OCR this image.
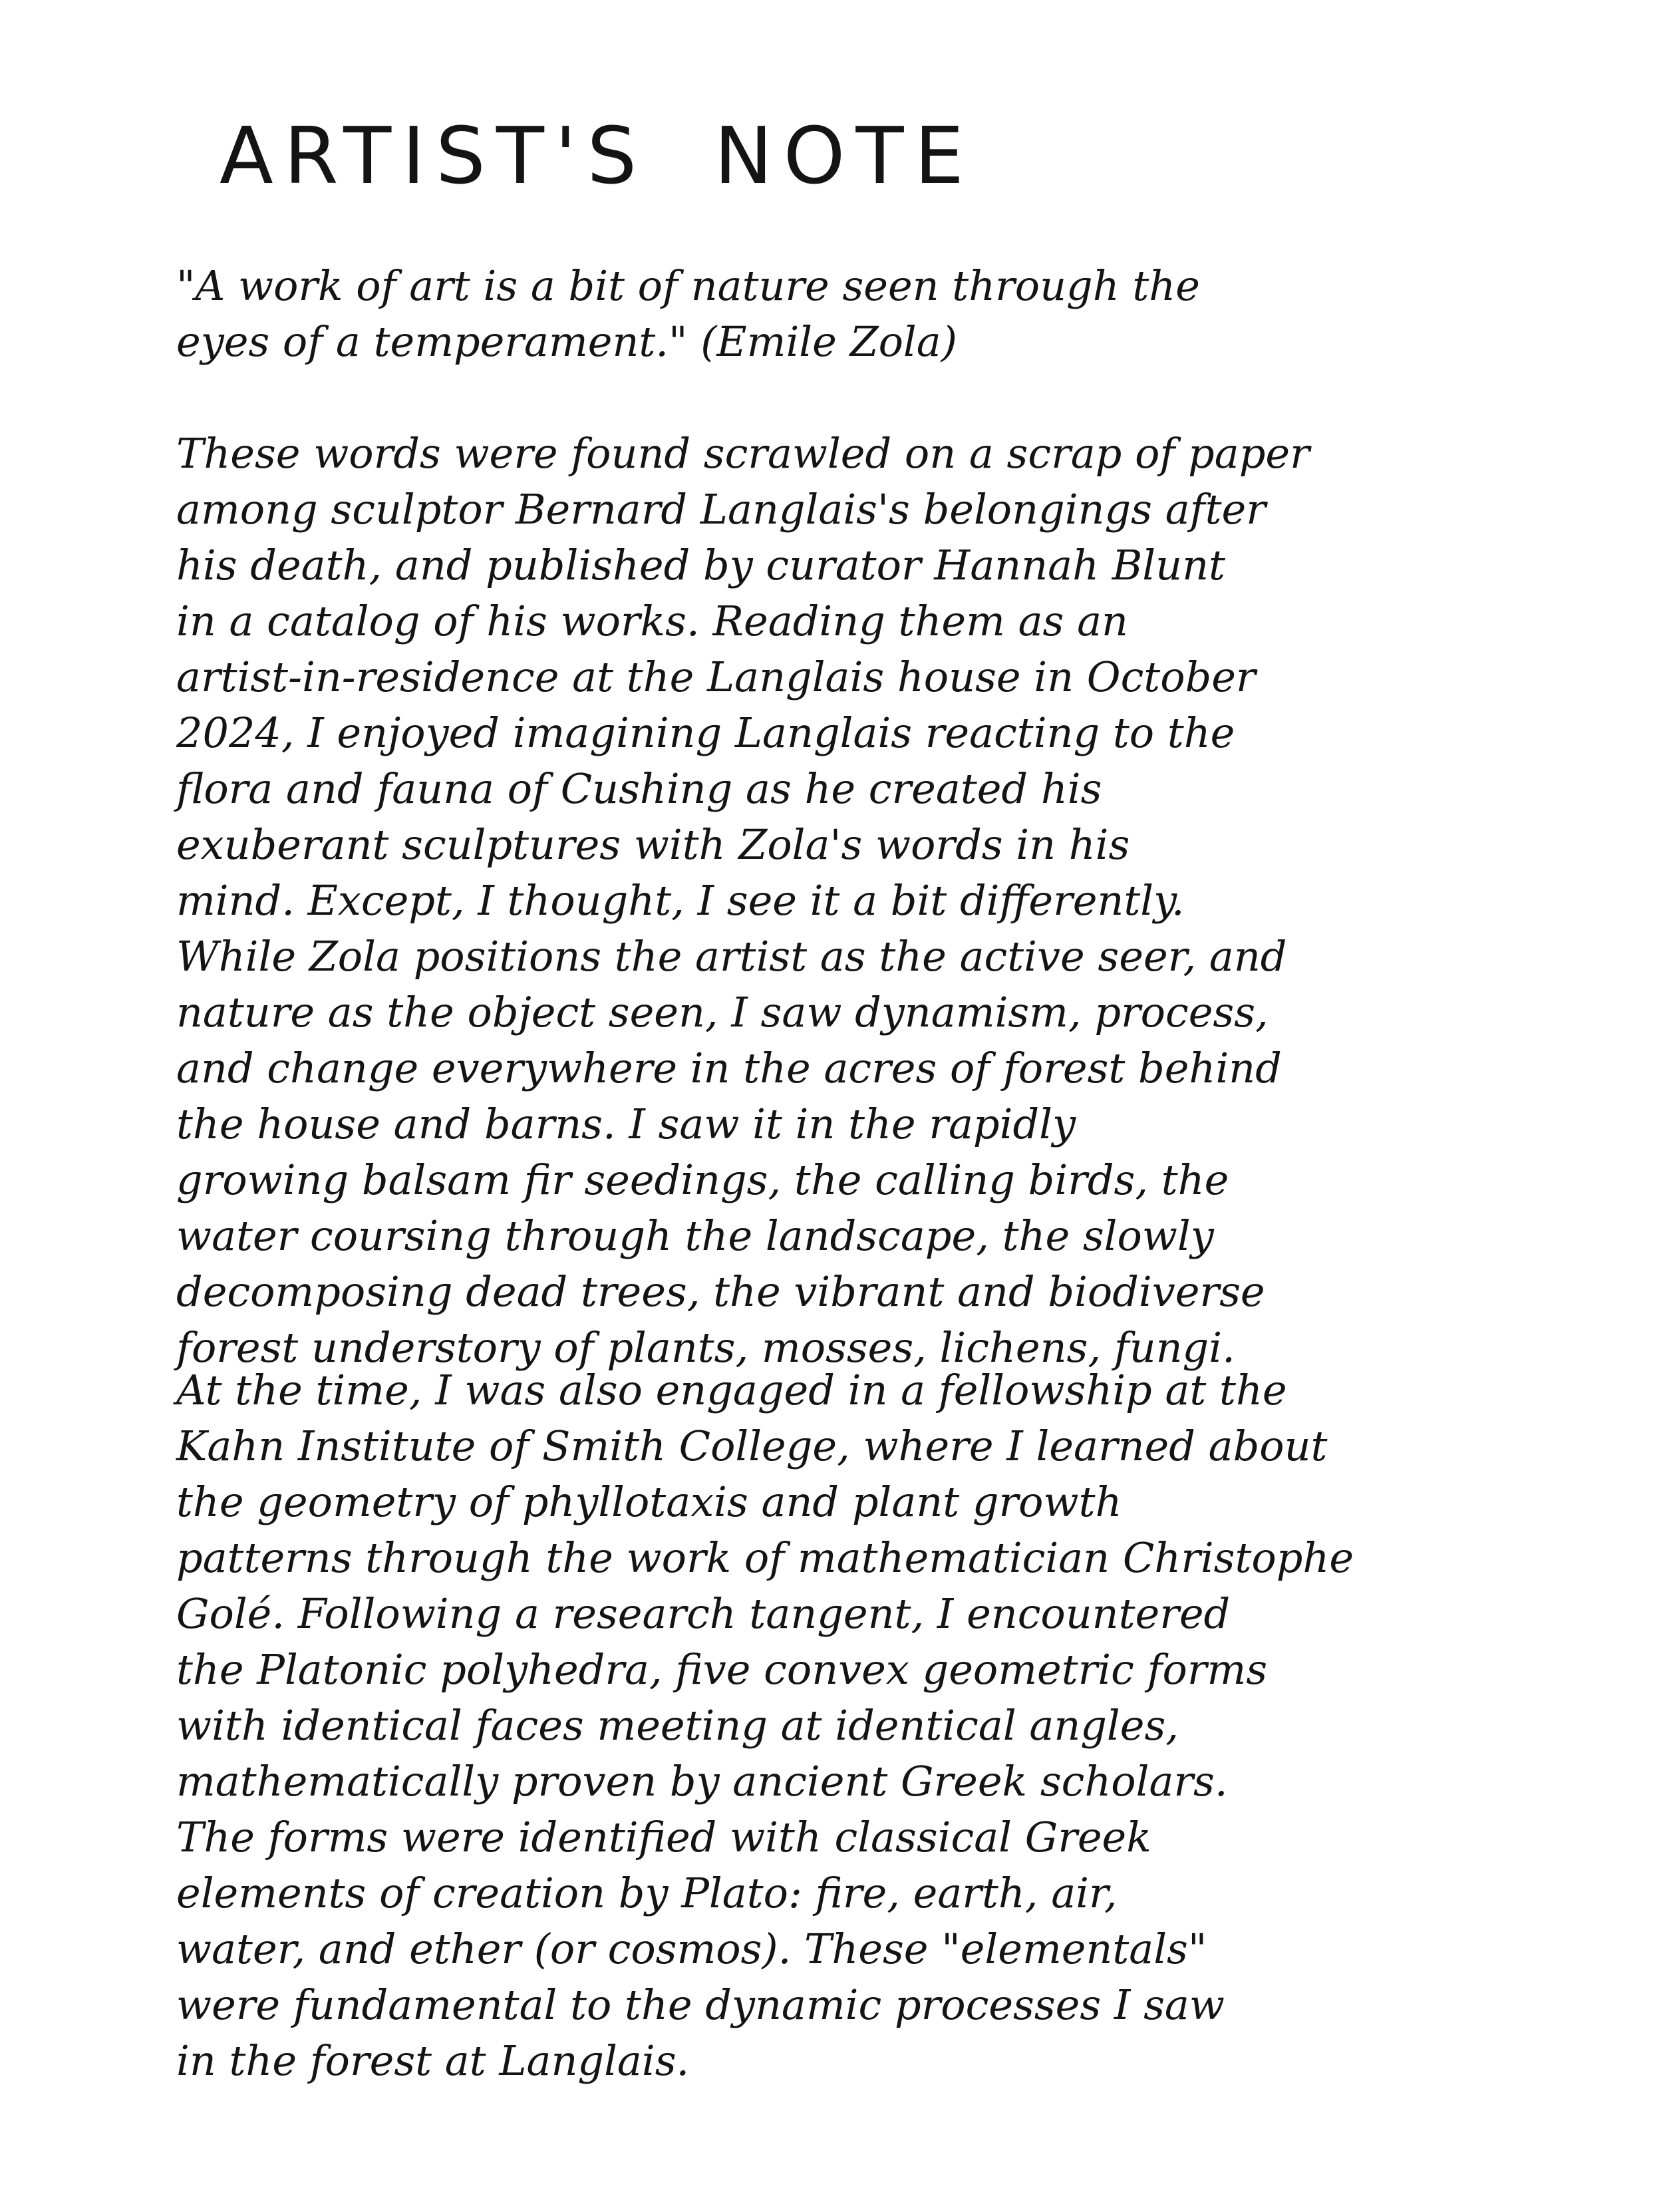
ARTIST'S NOTE
"A work of art is a bit of nature seen through the
eyes of a temperament." (Emile Zola)
These words were found scrawled on a scrap of paper
among sculptor Bernard Langlais's belongings after
his death, and published by curator Hannah Blunt
in a catalog of his works. Reading them as an
artist-in-residence at the Langlais house in October
2024, I enjoyed imagining Langlais reacting to the
flora and fauna of Cushing as he created his
exuberant sculptures with Zola's words in his
mind. Except, I thought, I see it a bit differently.
While Zola positions the artist as the active seer, and
nature as the object seen, I saw dynamism, process,
and change everywhere in the acres of forest behind
the house and barns. I saw it in the rapidly
growing balsam fir seedings, the calling birds, the
water coursing through the landscape, the slowly
decomposing dead trees, the vibrant and biodiverse
forest understory of plants, mosses, lichens, fungi.
At the time, I was also engaged in a fellowship at the
Kahn Institute of Smith College, where I learned about
the geometry of phyllotaxis and plant growth
patterns through the work of mathematician Christophe
Golé. Following a research tangent, I encountered
the Platonic polyhedra, five convex geometric forms
with identical faces meeting at identical angles,
mathematically proven by ancient Greek scholars.
The forms were identified with classical Greek
elements of creation by Plato: fire, earth, air,
water, and ether (or cosmos). These "elementals"
were fundamental to the dynamic processes I saw
in the forest at Langlais.
